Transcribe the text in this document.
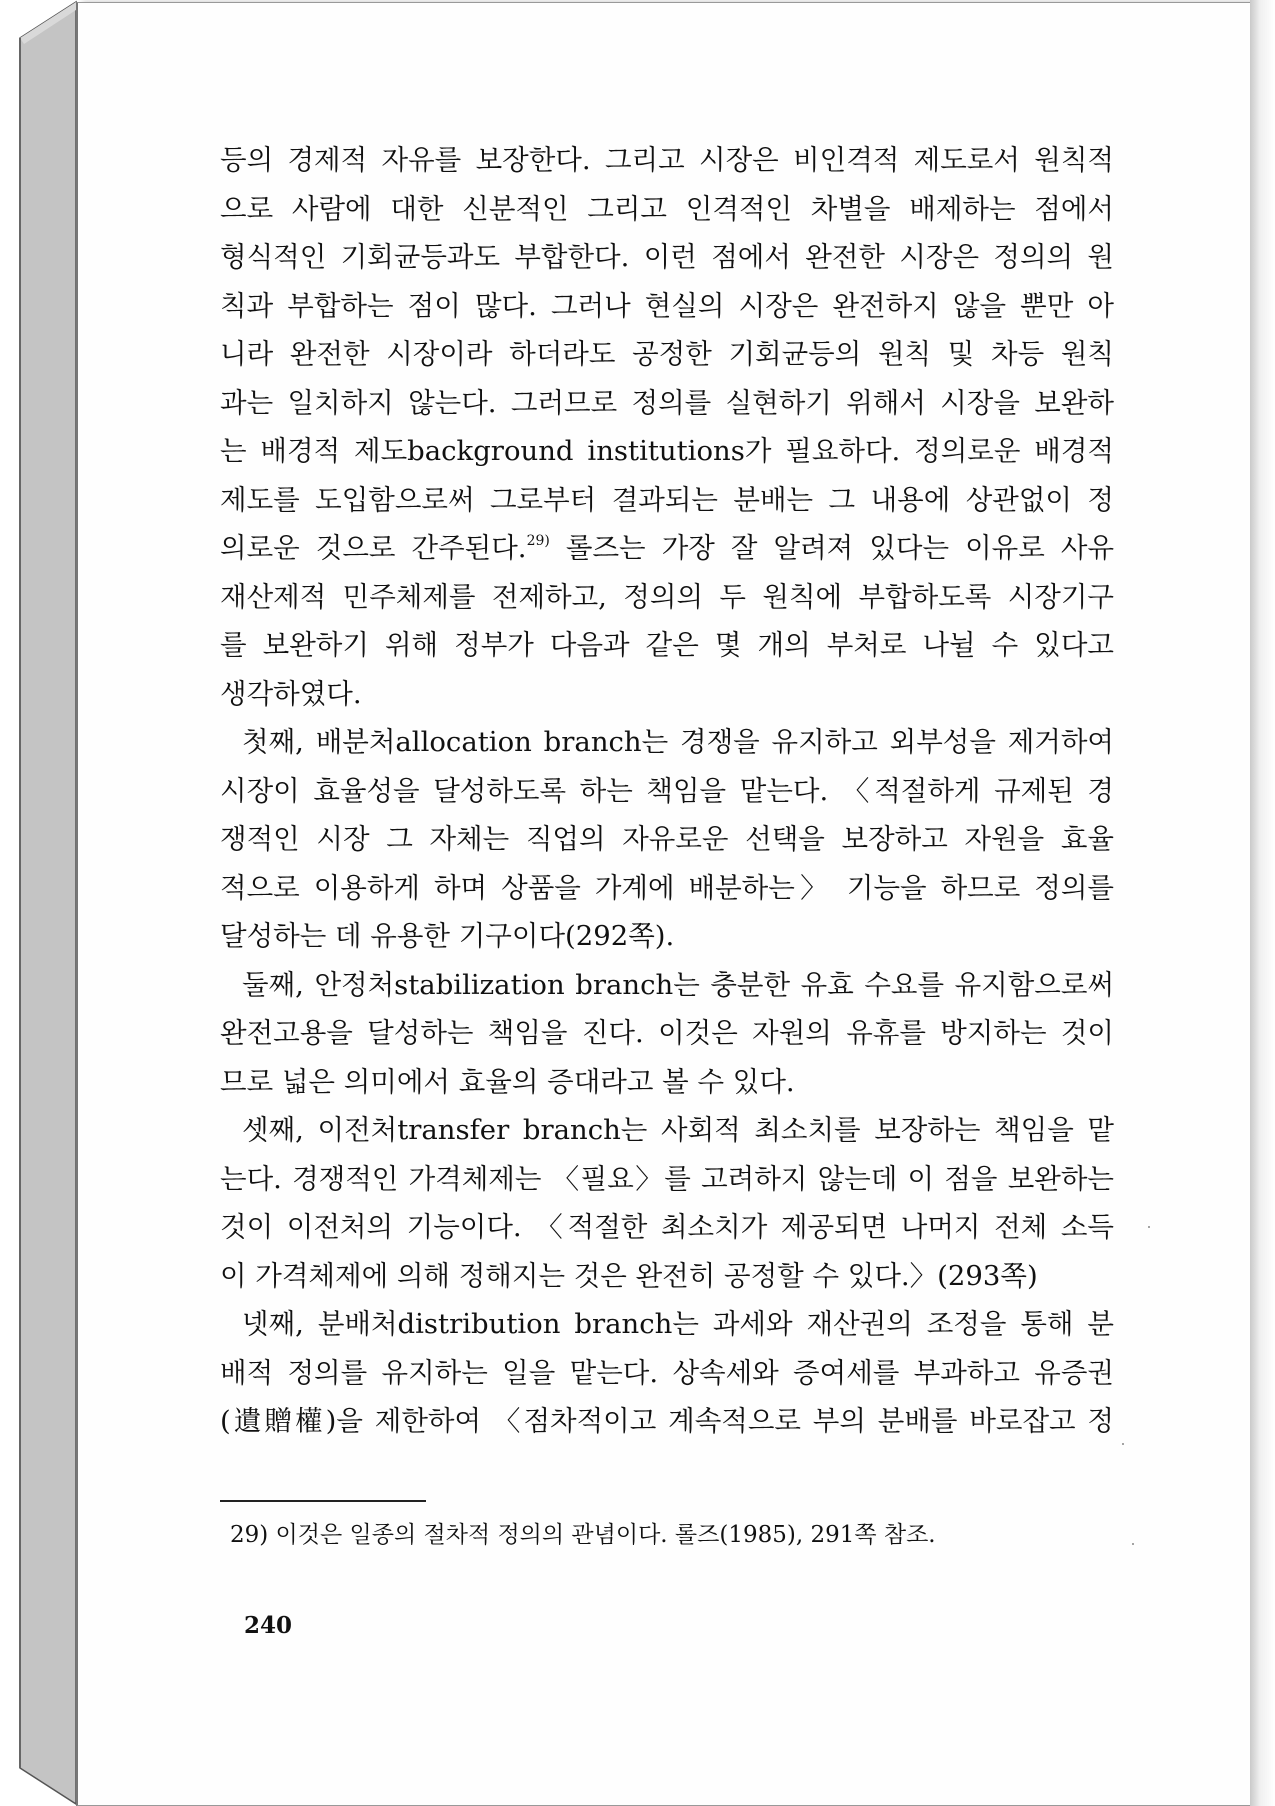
등의 경제적 자유를 보장한다. 그리고 시장은 비인격적 제도로서 원칙적
으로 사람에 대한 신분적인 그리고 인격적인 차별을 배제하는 점에서
형식적인 기회균등과도 부합한다. 이런 점에서 완전한 시장은 정의의 원
칙과 부합하는 점이 많다. 그러나 현실의 시장은 완전하지 않을 뿐만 아
니라 완전한 시장이라 하더라도 공정한 기회균등의 원칙 및 차등 원칙
과는 일치하지 않는다. 그러므로 정의를 실현하기 위해서 시장을 보완하
는 배경적 제도background institutions가 필요하다. 정의로운 배경적
제도를 도입함으로써 그로부터 결과되는 분배는 그 내용에 상관없이 정
의로운 것으로 간주된다.$^{29)}$ 롤즈는 가장 잘 알려져 있다는 이유로 사유
재산제적 민주체제를 전제하고, 정의의 두 원칙에 부합하도록 시장기구
를 보완하기 위해 정부가 다음과 같은 몇 개의 부처로 나뉠 수 있다고
생각하였다.
첫째, 배분처allocation branch는 경쟁을 유지하고 외부성을 제거하여
시장이 효율성을 달성하도록 하는 책임을 맡는다. 〈적절하게 규제된 경
쟁적인 시장 그 자체는 직업의 자유로운 선택을 보장하고 자원을 효율
적으로 이용하게 하며 상품을 가계에 배분하는〉 기능을 하므로 정의를
달성하는 데 유용한 기구이다(292쪽).
둘째, 안정처stabilization branch는 충분한 유효 수요를 유지함으로써
완전고용을 달성하는 책임을 진다. 이것은 자원의 유휴를 방지하는 것이
므로 넓은 의미에서 효율의 증대라고 볼 수 있다.
셋째, 이전처transfer branch는 사회적 최소치를 보장하는 책임을 맡
는다. 경쟁적인 가격체제는 〈필요〉를 고려하지 않는데 이 점을 보완하는
것이 이전처의 기능이다. 〈적절한 최소치가 제공되면 나머지 전체 소득
이 가격체제에 의해 정해지는 것은 완전히 공정할 수 있다.〉(293쪽)
넷째, 분배처distribution branch는 과세와 재산권의 조정을 통해 분
배적 정의를 유지하는 일을 맡는다. 상속세와 증여세를 부과하고 유증권
(遺贈權)을 제한하여 〈점차적이고 계속적으로 부의 분배를 바로잡고 정
29) 이것은 일종의 절차적 정의의 관념이다. 롤즈(1985), 291쪽 참조.
240
